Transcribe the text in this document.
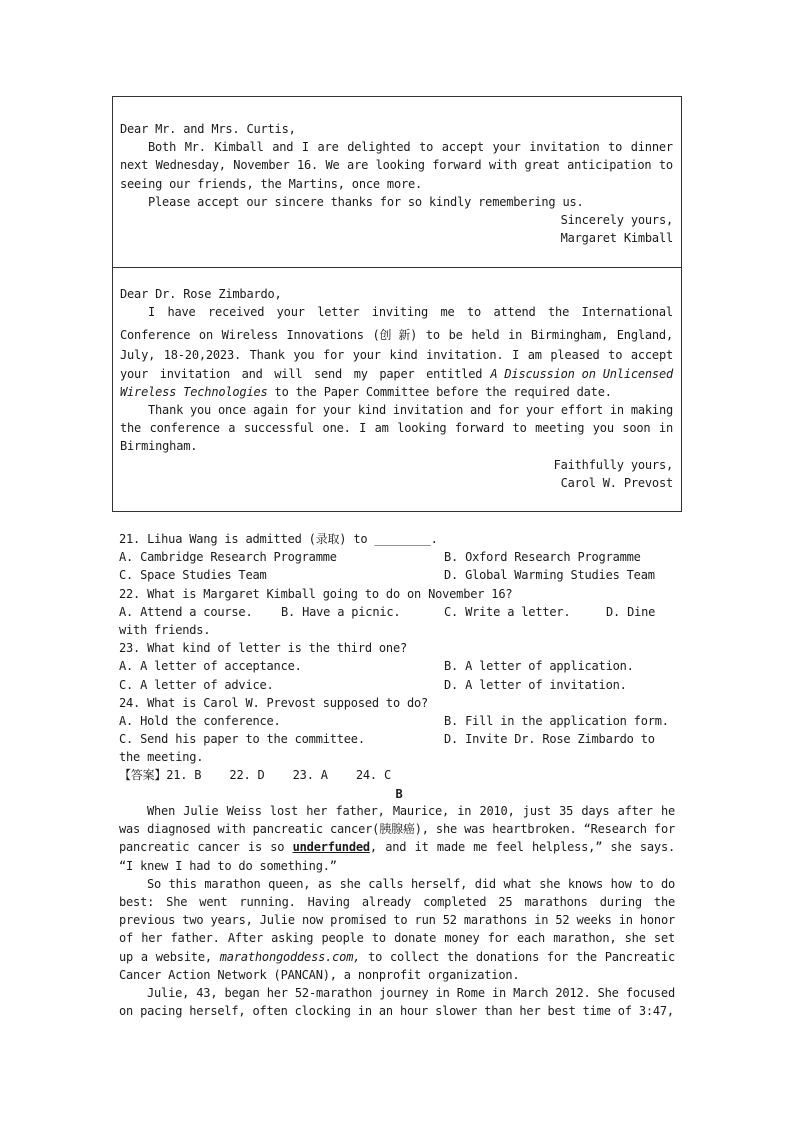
Dear Mr. and Mrs. Curtis,
Both Mr. Kimball and I are delighted to accept your invitation to dinner
next Wednesday, November 16. We are looking forward with great anticipation to
seeing our friends, the Martins, once more.
Please accept our sincere thanks for so kindly remembering us.
Sincerely yours,
Margaret Kimball
Dear Dr. Rose Zimbardo,
I have received your letter inviting me to attend the International
Conference on Wireless Innovations (创 新) to be held in Birmingham, England,
July, 18-20,2023. Thank you for your kind invitation. I am pleased to accept
your invitation and will send my paper entitled A Discussion on Unlicensed
Wireless Technologies to the Paper Committee before the required date.
Thank you once again for your kind invitation and for your effort in making
the conference a successful one. I am looking forward to meeting you soon in
Birmingham.
Faithfully yours,
Carol W. Prevost
21. Lihua Wang is admitted (录取) to ________.
A. Cambridge Research Programme	B. Oxford Research Programme
C. Space Studies Team	D. Global Warming Studies Team
22. What is Margaret Kimball going to do on November 16?
A. Attend a course. B. Have a picnic.	C. Write a letter.	D. Dine
with friends.
23. What kind of letter is the third one?
A. A letter of acceptance.	B. A letter of application.
C. A letter of advice.	D. A letter of invitation.
24. What is Carol W. Prevost supposed to do?
A. Hold the conference.	B. Fill in the application form.
C. Send his paper to the committee.	D. Invite Dr. Rose Zimbardo to
the meeting.
【答案】21. B    22. D    23. A    24. C
B
When Julie Weiss lost her father, Maurice, in 2010, just 35 days after he was diagnosed with pancreatic cancer(胰腺癌), she was heartbroken. “Research for pancreatic cancer is so underfunded, and it made me feel helpless,” she says. “I knew I had to do something.”
So this marathon queen, as she calls herself, did what she knows how to do best: She went running. Having already completed 25 marathons during the previous two years, Julie now promised to run 52 marathons in 52 weeks in honor of her father. After asking people to donate money for each marathon, she set up a website, marathongoddess.com, to collect the donations for the Pancreatic Cancer Action Network (PANCAN), a nonprofit organization.
Julie, 43, began her 52-marathon journey in Rome in March 2012. She focused on pacing herself, often clocking in an hour slower than her best time of 3:47,
